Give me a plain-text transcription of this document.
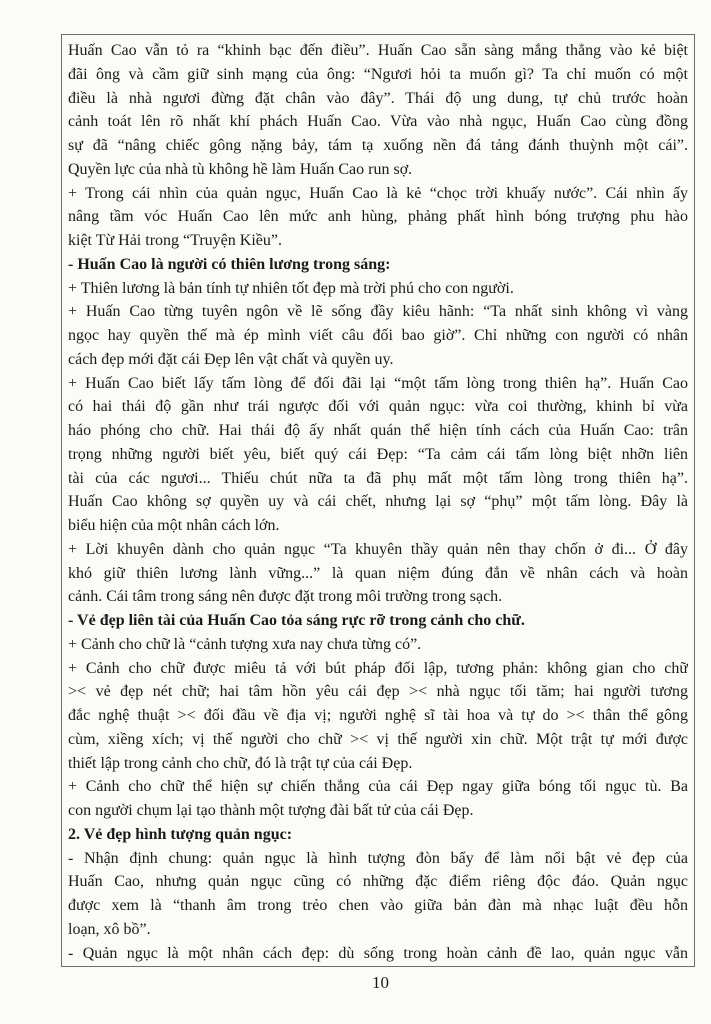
Huấn Cao vẫn tỏ ra “khinh bạc đến điều”. Huấn Cao sẵn sàng mắng thẳng vào kẻ biệt
đãi ông và cầm giữ sinh mạng của ông: “Ngươi hỏi ta muốn gì? Ta chỉ muốn có một
điều là nhà ngươi đừng đặt chân vào đây”. Thái độ ung dung, tự chủ trước hoàn
cảnh toát lên rõ nhất khí phách Huấn Cao. Vừa vào nhà ngục, Huấn Cao cùng đồng
sự đã “nâng chiếc gông nặng bảy, tám tạ xuống nền đá tảng đánh thuỳnh một cái”.
Quyền lực của nhà tù không hề làm Huấn Cao run sợ.
+ Trong cái nhìn của quản ngục, Huấn Cao là kẻ “chọc trời khuấy nước”. Cái nhìn ấy
nâng tầm vóc Huấn Cao lên mức anh hùng, phảng phất hình bóng trượng phu hào
kiệt Từ Hải trong “Truyện Kiều”.
- Huấn Cao là người có thiên lương trong sáng:
+ Thiên lương là bản tính tự nhiên tốt đẹp mà trời phú cho con người.
+ Huấn Cao từng tuyên ngôn về lẽ sống đầy kiêu hãnh: “Ta nhất sinh không vì vàng
ngọc hay quyền thế mà ép mình viết câu đối bao giờ”. Chỉ những con người có nhân
cách đẹp mới đặt cái Đẹp lên vật chất và quyền uy.
+ Huấn Cao biết lấy tấm lòng để đối đãi lại “một tấm lòng trong thiên hạ”. Huấn Cao
có hai thái độ gần như trái ngược đối với quản ngục: vừa coi thường, khinh bỉ vừa
háo phóng cho chữ. Hai thái độ ấy nhất quán thể hiện tính cách của Huấn Cao: trân
trọng những người biết yêu, biết quý cái Đẹp: “Ta cảm cái tấm lòng biệt nhỡn liên
tài của các ngươi... Thiếu chút nữa ta đã phụ mất một tấm lòng trong thiên hạ”.
Huấn Cao không sợ quyền uy và cái chết, nhưng lại sợ “phụ” một tấm lòng. Đây là
biểu hiện của một nhân cách lớn.
+ Lời khuyên dành cho quản ngục “Ta khuyên thầy quản nên thay chốn ở đi... Ở đây
khó giữ thiên lương lành vững...” là quan niệm đúng đắn về nhân cách và hoàn
cảnh. Cái tâm trong sáng nên được đặt trong môi trường trong sạch.
- Vẻ đẹp liên tài của Huấn Cao tỏa sáng rực rỡ trong cảnh cho chữ.
+ Cảnh cho chữ là “cảnh tượng xưa nay chưa từng có”.
+ Cảnh cho chữ được miêu tả với bút pháp đối lập, tương phản: không gian cho chữ
>< vẻ đẹp nét chữ; hai tâm hồn yêu cái đẹp >< nhà ngục tối tăm; hai người tương
đắc nghệ thuật >< đối đầu về địa vị; người nghệ sĩ tài hoa và tự do >< thân thể gông
cùm, xiềng xích; vị thế người cho chữ >< vị thế người xin chữ. Một trật tự mới được
thiết lập trong cảnh cho chữ, đó là trật tự của cái Đẹp.
+ Cảnh cho chữ thể hiện sự chiến thắng của cái Đẹp ngay giữa bóng tối ngục tù. Ba
con người chụm lại tạo thành một tượng đài bất tử của cái Đẹp.
2. Vẻ đẹp hình tượng quản ngục:
- Nhận định chung: quản ngục là hình tượng đòn bẩy để làm nổi bật vẻ đẹp của
Huấn Cao, nhưng quản ngục cũng có những đặc điểm riêng độc đáo. Quản ngục
được xem là “thanh âm trong trẻo chen vào giữa bản đàn mà nhạc luật đều hỗn
loạn, xô bồ”.
- Quản ngục là một nhân cách đẹp: dù sống trong hoàn cảnh đề lao, quản ngục vẫn
10
